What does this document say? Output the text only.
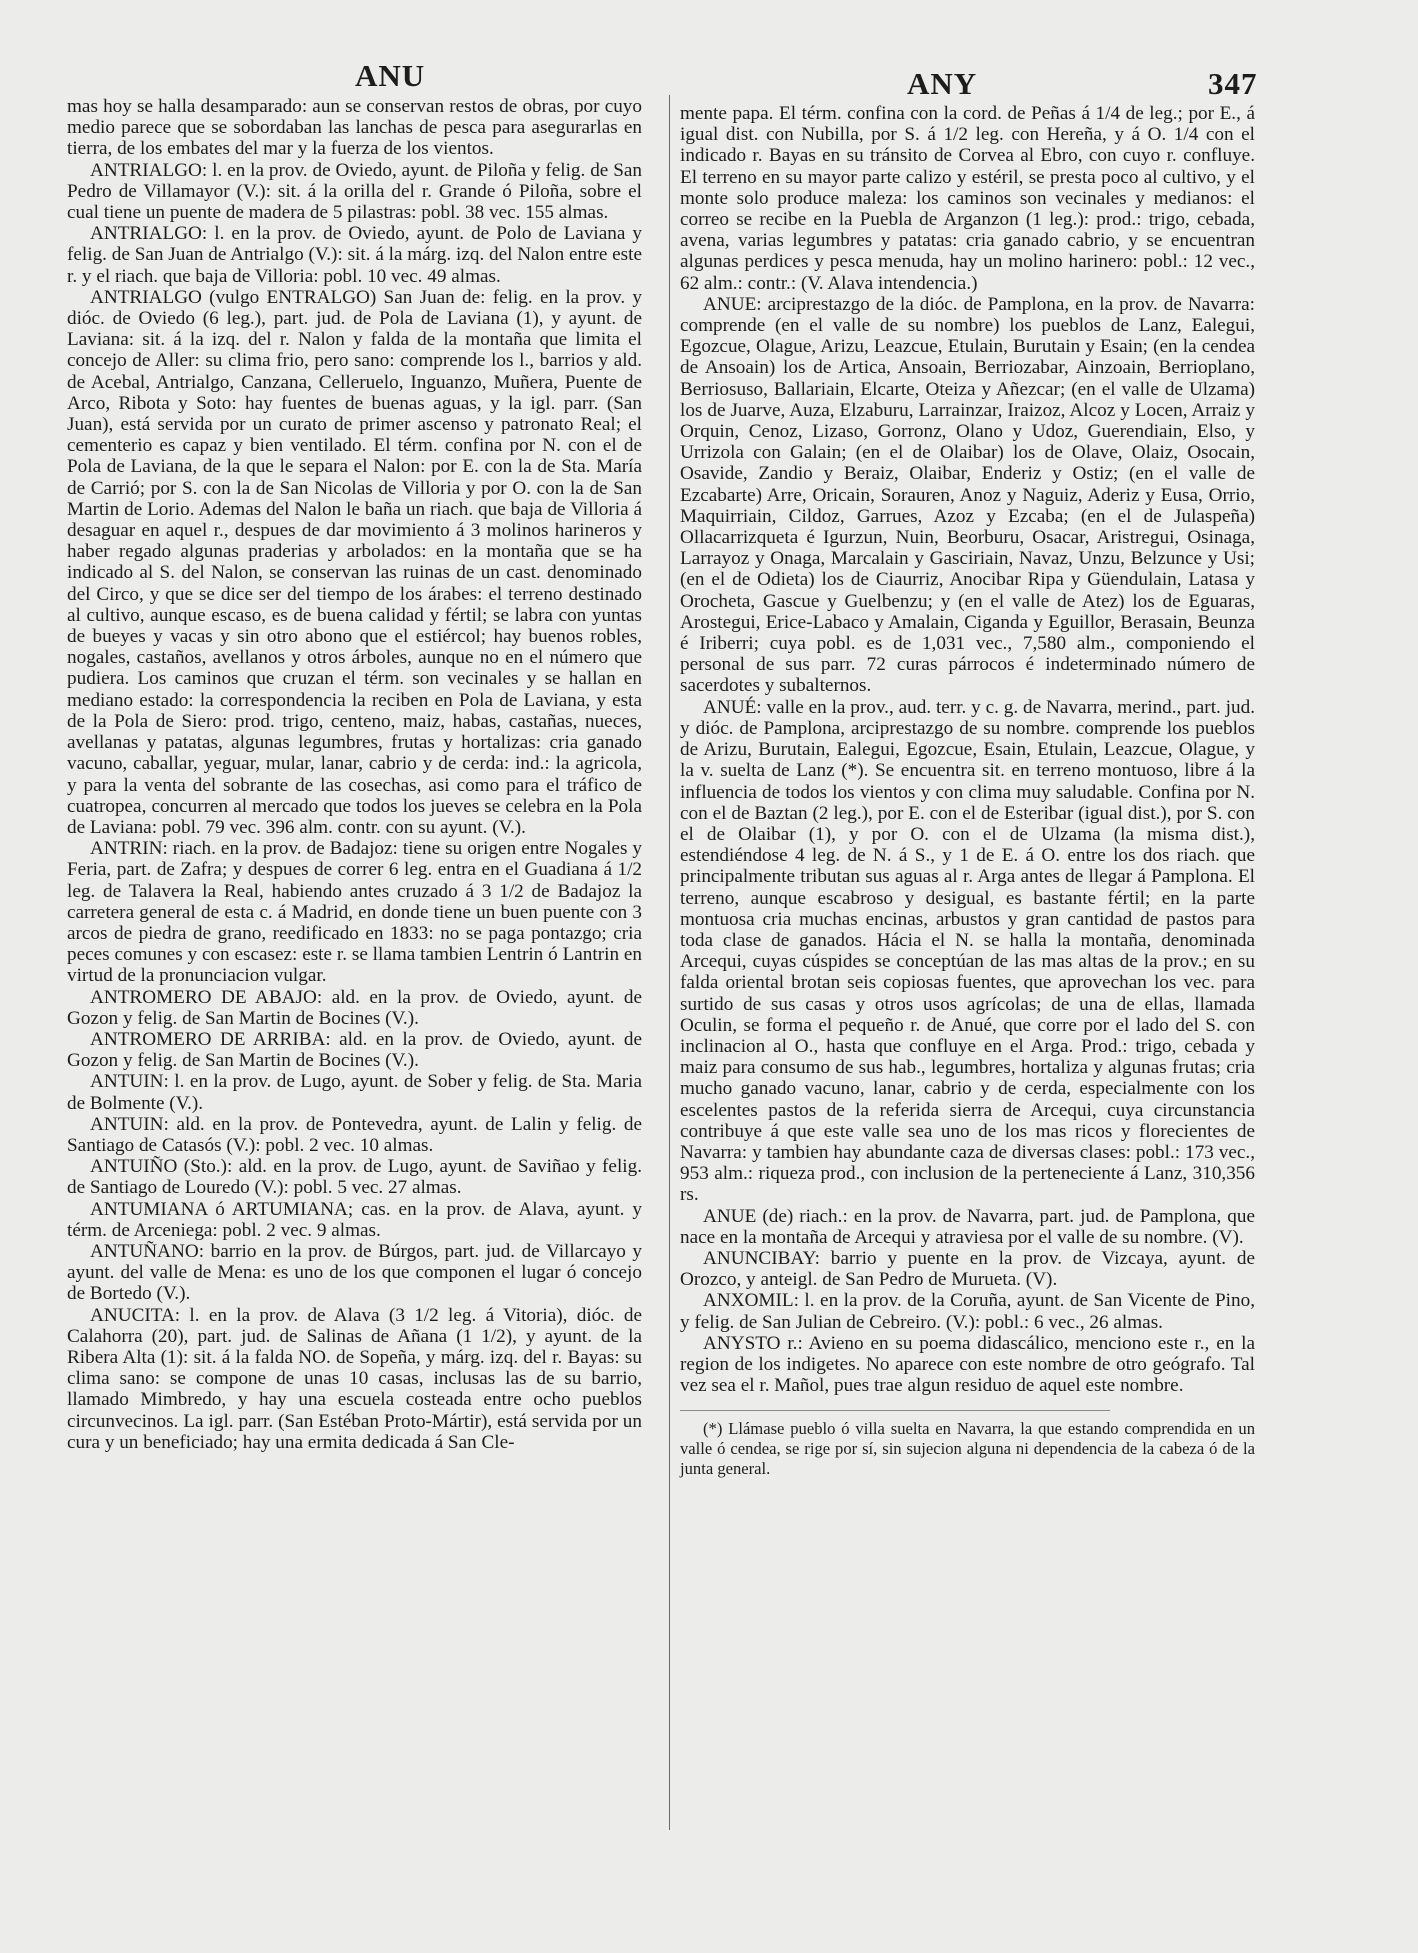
ANU	ANY	347

mas hoy se halla desamparado: aun se conservan restos de obras, por cuyo medio parece que se sobordaban las lanchas de pesca para asegurarlas en tierra, de los embates del mar y la fuerza de los vientos.

ANTRIALGO: l. en la prov. de Oviedo, ayunt. de Piloña y felig. de San Pedro de Villamayor (V.): sit. á la orilla del r. Grande ó Piloña, sobre el cual tiene un puente de madera de 5 pilastras: pobl. 38 vec. 155 almas.

ANTRIALGO: l. en la prov. de Oviedo, ayunt. de Polo de Laviana y felig. de San Juan de Antrialgo (V.): sit. á la márg. izq. del Nalon entre este r. y el riach. que baja de Villoria: pobl. 10 vec. 49 almas.

ANTRIALGO (vulgo ENTRALGO) San Juan de: felig. en la prov. y dióc. de Oviedo (6 leg.), part. jud. de Pola de Laviana (1), y ayunt. de Laviana: sit. á la izq. del r. Nalon y falda de la montaña que limita el concejo de Aller: su clima frio, pero sano: comprende los l., barrios y ald. de Acebal, Antrialgo, Canzana, Celleruelo, Inguanzo, Muñera, Puente de Arco, Ribota y Soto: hay fuentes de buenas aguas, y la igl. parr. (San Juan), está servida por un curato de primer ascenso y patronato Real; el cementerio es capaz y bien ventilado. El térm. confina por N. con el de Pola de Laviana, de la que le separa el Nalon: por E. con la de Sta. María de Carrió; por S. con la de San Nicolas de Villoria y por O. con la de San Martin de Lorio. Ademas del Nalon le baña un riach. que baja de Villoria á desaguar en aquel r., despues de dar movimiento á 3 molinos harineros y haber regado algunas praderias y arbolados: en la montaña que se ha indicado al S. del Nalon, se conservan las ruinas de un cast. denominado del Circo, y que se dice ser del tiempo de los árabes: el terreno destinado al cultivo, aunque escaso, es de buena calidad y fértil; se labra con yuntas de bueyes y vacas y sin otro abono que el estiércol; hay buenos robles, nogales, castaños, avellanos y otros árboles, aunque no en el número que pudiera. Los caminos que cruzan el térm. son vecinales y se hallan en mediano estado: la correspondencia la reciben en Pola de Laviana, y esta de la Pola de Siero: prod. trigo, centeno, maiz, habas, castañas, nueces, avellanas y patatas, algunas legumbres, frutas y hortalizas: cria ganado vacuno, caballar, yeguar, mular, lanar, cabrio y de cerda: ind.: la agricola, y para la venta del sobrante de las cosechas, asi como para el tráfico de cuatropea, concurren al mercado que todos los jueves se celebra en la Pola de Laviana: pobl. 79 vec. 396 alm. contr. con su ayunt. (V.).

ANTRIN: riach. en la prov. de Badajoz: tiene su origen entre Nogales y Feria, part. de Zafra; y despues de correr 6 leg. entra en el Guadiana á 1/2 leg. de Talavera la Real, habiendo antes cruzado á 3 1/2 de Badajoz la carretera general de esta c. á Madrid, en donde tiene un buen puente con 3 arcos de piedra de grano, reedificado en 1833: no se paga pontazgo; cria peces comunes y con escasez: este r. se llama tambien Lentrin ó Lantrin en virtud de la pronunciacion vulgar.

ANTROMERO DE ABAJO: ald. en la prov. de Oviedo, ayunt. de Gozon y felig. de San Martin de Bocines (V.).

ANTROMERO DE ARRIBA: ald. en la prov. de Oviedo, ayunt. de Gozon y felig. de San Martin de Bocines (V.).

ANTUIN: l. en la prov. de Lugo, ayunt. de Sober y felig. de Sta. Maria de Bolmente (V.).

ANTUIN: ald. en la prov. de Pontevedra, ayunt. de Lalin y felig. de Santiago de Catasós (V.): pobl. 2 vec. 10 almas.

ANTUIÑO (Sto.): ald. en la prov. de Lugo, ayunt. de Saviñao y felig. de Santiago de Louredo (V.): pobl. 5 vec. 27 almas.

ANTUMIANA ó ARTUMIANA; cas. en la prov. de Alava, ayunt. y térm. de Arceniega: pobl. 2 vec. 9 almas.

ANTUÑANO: barrio en la prov. de Búrgos, part. jud. de Villarcayo y ayunt. del valle de Mena: es uno de los que componen el lugar ó concejo de Bortedo (V.).

ANUCITA: l. en la prov. de Alava (3 1/2 leg. á Vitoria), dióc. de Calahorra (20), part. jud. de Salinas de Añana (1 1/2), y ayunt. de la Ribera Alta (1): sit. á la falda NO. de Sopeña, y márg. izq. del r. Bayas: su clima sano: se compone de unas 10 casas, inclusas las de su barrio, llamado Mimbredo, y hay una escuela costeada entre ocho pueblos circunvecinos. La igl. parr. (San Estéban Proto-Mártir), está servida por un cura y un beneficiado; hay una ermita dedicada á San Cle-

mente papa. El térm. confina con la cord. de Peñas á 1/4 de leg.; por E., á igual dist. con Nubilla, por S. á 1/2 leg. con Hereña, y á O. 1/4 con el indicado r. Bayas en su tránsito de Corvea al Ebro, con cuyo r. confluye. El terreno en su mayor parte calizo y estéril, se presta poco al cultivo, y el monte solo produce maleza: los caminos son vecinales y medianos: el correo se recibe en la Puebla de Arganzon (1 leg.): prod.: trigo, cebada, avena, varias legumbres y patatas: cria ganado cabrio, y se encuentran algunas perdices y pesca menuda, hay un molino harinero: pobl.: 12 vec., 62 alm.: contr.: (V. Alava intendencia.)

ANUE: arciprestazgo de la dióc. de Pamplona, en la prov. de Navarra: comprende (en el valle de su nombre) los pueblos de Lanz, Ealegui, Egozcue, Olague, Arizu, Leazcue, Etulain, Burutain y Esain; (en la cendea de Ansoain) los de Artica, Ansoain, Berriozabar, Ainzoain, Berrioplano, Berriosuso, Ballariain, Elcarte, Oteiza y Añezcar; (en el valle de Ulzama) los de Juarve, Auza, Elzaburu, Larrainzar, Iraizoz, Alcoz y Locen, Arraiz y Orquin, Cenoz, Lizaso, Gorronz, Olano y Udoz, Guerendiain, Elso, y Urrizola con Galain; (en el de Olaibar) los de Olave, Olaiz, Osocain, Osavide, Zandio y Beraiz, Olaibar, Enderiz y Ostiz; (en el valle de Ezcabarte) Arre, Oricain, Sorauren, Anoz y Naguiz, Aderiz y Eusa, Orrio, Maquirriain, Cildoz, Garrues, Azoz y Ezcaba; (en el de Julaspeña) Ollacarrizqueta é Igurzun, Nuin, Beorburu, Osacar, Aristregui, Osinaga, Larrayoz y Onaga, Marcalain y Gasciriain, Navaz, Unzu, Belzunce y Usi; (en el de Odieta) los de Ciaurriz, Anocibar Ripa y Güendulain, Latasa y Orocheta, Gascue y Guelbenzu; y (en el valle de Atez) los de Eguaras, Arostegui, Erice-Labaco y Amalain, Ciganda y Eguillor, Berasain, Beunza é Iriberri; cuya pobl. es de 1,031 vec., 7,580 alm., componiendo el personal de sus parr. 72 curas párrocos é indeterminado número de sacerdotes y subalternos.

ANUÉ: valle en la prov., aud. terr. y c. g. de Navarra, merind., part. jud. y dióc. de Pamplona, arciprestazgo de su nombre. comprende los pueblos de Arizu, Burutain, Ealegui, Egozcue, Esain, Etulain, Leazcue, Olague, y la v. suelta de Lanz (*). Se encuentra sit. en terreno montuoso, libre á la influencia de todos los vientos y con clima muy saludable. Confina por N. con el de Baztan (2 leg.), por E. con el de Esteribar (igual dist.), por S. con el de Olaibar (1), y por O. con el de Ulzama (la misma dist.), estendiéndose 4 leg. de N. á S., y 1 de E. á O. entre los dos riach. que principalmente tributan sus aguas al r. Arga antes de llegar á Pamplona. El terreno, aunque escabroso y desigual, es bastante fértil; en la parte montuosa cria muchas encinas, arbustos y gran cantidad de pastos para toda clase de ganados. Hácia el N. se halla la montaña, denominada Arcequi, cuyas cúspides se conceptúan de las mas altas de la prov.; en su falda oriental brotan seis copiosas fuentes, que aprovechan los vec. para surtido de sus casas y otros usos agrícolas; de una de ellas, llamada Oculin, se forma el pequeño r. de Anué, que corre por el lado del S. con inclinacion al O., hasta que confluye en el Arga. Prod.: trigo, cebada y maiz para consumo de sus hab., legumbres, hortaliza y algunas frutas; cria mucho ganado vacuno, lanar, cabrio y de cerda, especialmente con los escelentes pastos de la referida sierra de Arcequi, cuya circunstancia contribuye á que este valle sea uno de los mas ricos y florecientes de Navarra: y tambien hay abundante caza de diversas clases: pobl.: 173 vec., 953 alm.: riqueza prod., con inclusion de la perteneciente á Lanz, 310,356 rs.

ANUE (de) riach.: en la prov. de Navarra, part. jud. de Pamplona, que nace en la montaña de Arcequi y atraviesa por el valle de su nombre. (V).

ANUNCIBAY: barrio y puente en la prov. de Vizcaya, ayunt. de Orozco, y anteigl. de San Pedro de Murueta. (V).

ANXOMIL: l. en la prov. de la Coruña, ayunt. de San Vicente de Pino, y felig. de San Julian de Cebreiro. (V.): pobl.: 6 vec., 26 almas.

ANYSTO r.: Avieno en su poema didascálico, menciono este r., en la region de los indigetes. No aparece con este nombre de otro geógrafo. Tal vez sea el r. Mañol, pues trae algun residuo de aquel este nombre.

(*) Llámase pueblo ó villa suelta en Navarra, la que estando comprendida en un valle ó cendea, se rige por sí, sin sujecion alguna ni dependencia de la cabeza ó de la junta general.
